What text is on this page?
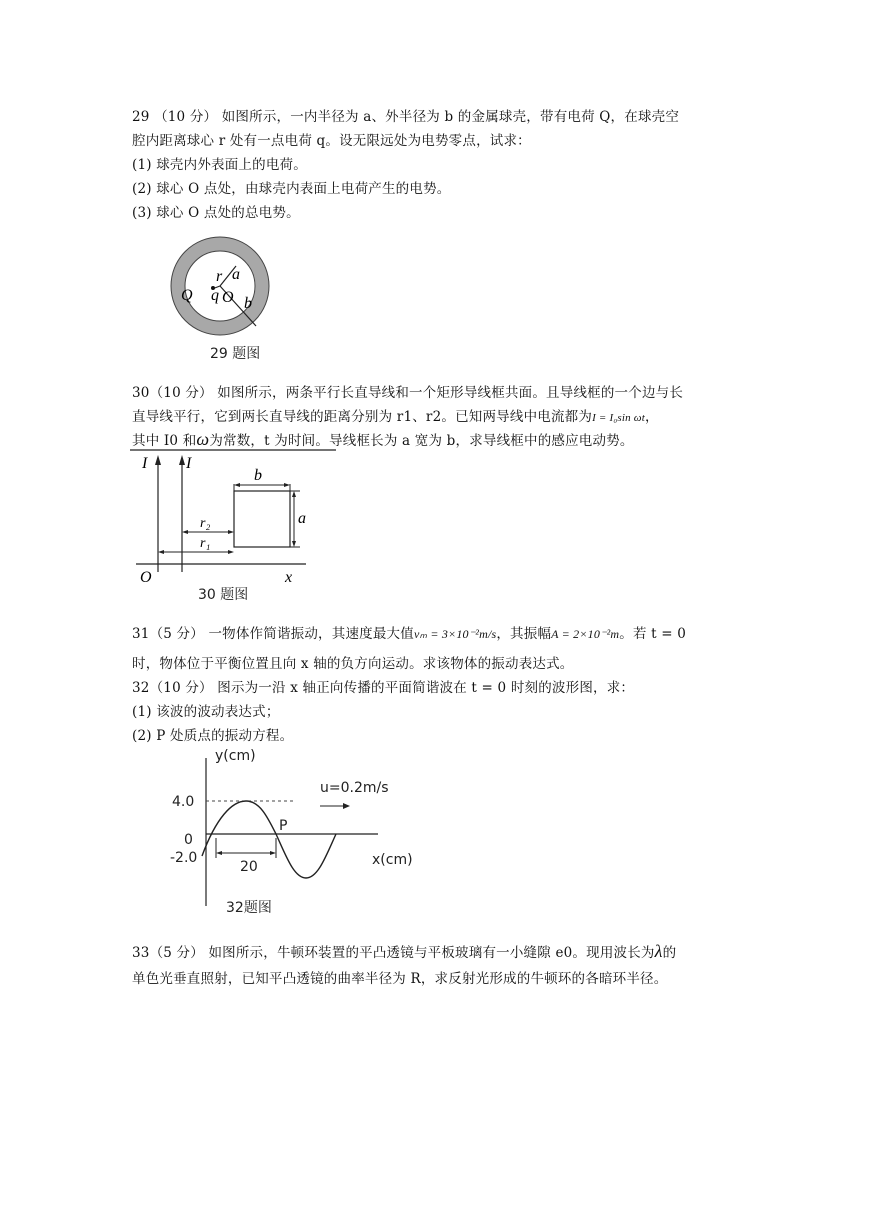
29 （10 分） 如图所示，一内半径为 a、外半径为 b 的金属球壳，带有电荷 Q，在球壳空
腔内距离球心 r 处有一点电荷 q。设无限远处为电势零点，试求：
(1) 球壳内外表面上的电荷。
(2) 球心 O 点处，由球壳内表面上电荷产生的电势。
(3) 球心 O 点处的总电势。
r a
q O b
Q
29 题图
30（10 分） 如图所示，两条平行长直导线和一个矩形导线框共面。且导线框的一个边与长
直导线平行，它到两长直导线的距离分别为 r1、r2。已知两导线中电流都为I = I₀sin ωt，
其中 I0 和ω为常数，t 为时间。导线框长为 a 宽为 b，求导线框中的感应电动势。
I I
b
a
r₂
r₁
O	x
30 题图
31（5 分） 一物体作简谐振动，其速度最大值vₘ = 3×10⁻²m/s，其振幅A = 2×10⁻²m。若 t = 0
时，物体位于平衡位置且向 x 轴的负方向运动。求该物体的振动表达式。
32（10 分） 图示为一沿 x 轴正向传播的平面简谐波在 t = 0 时刻的波形图，求：
(1) 该波的波动表达式；
(2) P 处质点的振动方程。
y(cm)
x(cm)
u=0.2m/s
4.0
0
-2.0
20
P
32题图
33（5 分） 如图所示，牛顿环装置的平凸透镜与平板玻璃有一小缝隙 e0。现用波长为λ的
单色光垂直照射，已知平凸透镜的曲率半径为 R，求反射光形成的牛顿环的各暗环半径。
